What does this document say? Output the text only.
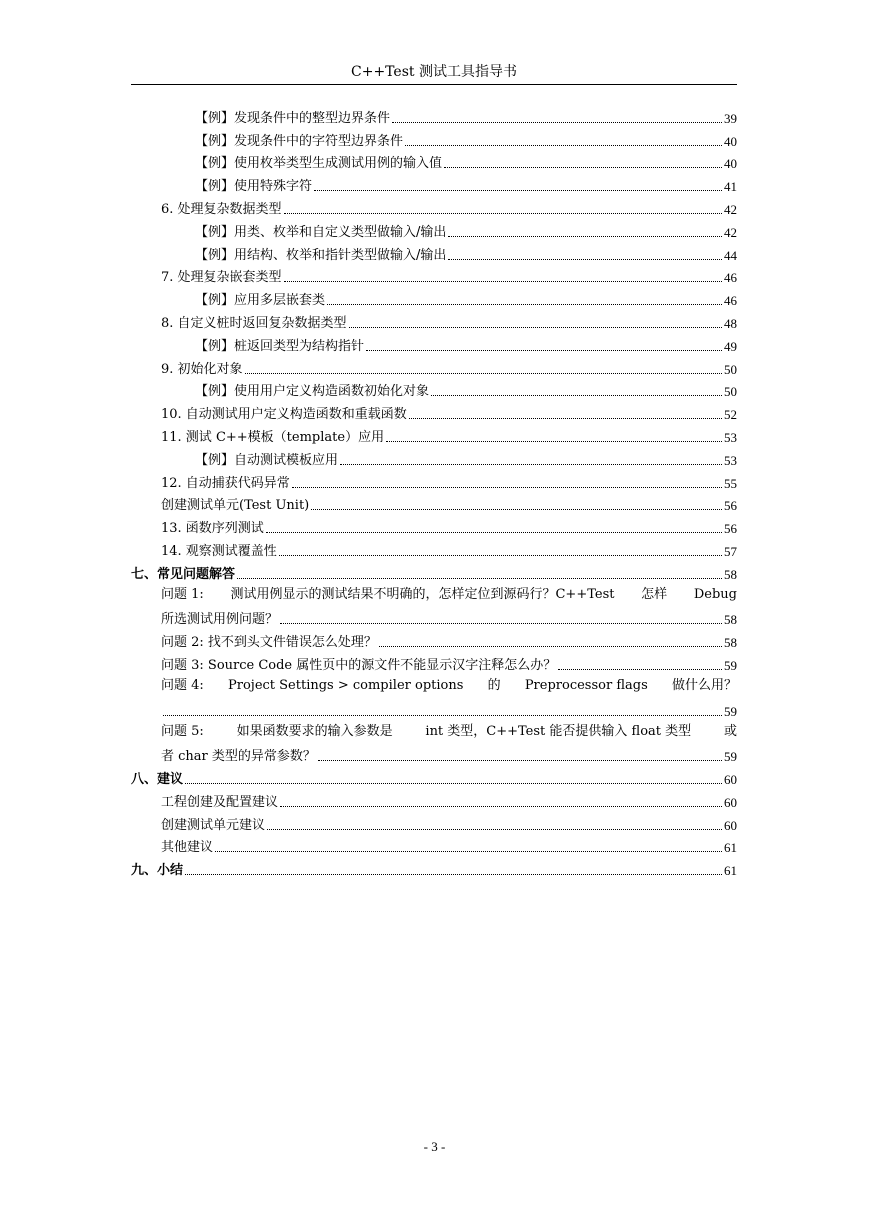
C++Test 测试工具指导书
【例】发现条件中的整型边界条件	39
【例】发现条件中的字符型边界条件	40
【例】使用枚举类型生成测试用例的输入值	40
【例】使用特殊字符	41
6. 处理复杂数据类型	42
【例】用类、枚举和自定义类型做输入/输出	42
【例】用结构、枚举和指针类型做输入/输出	44
7. 处理复杂嵌套类型	46
【例】应用多层嵌套类	46
8. 自定义桩时返回复杂数据类型	48
【例】桩返回类型为结构指针	49
9. 初始化对象	50
【例】使用用户定义构造函数初始化对象	50
10. 自动测试用户定义构造函数和重载函数	52
11. 测试 C++模板（template）应用	53
【例】自动测试模板应用	53
12. 自动捕获代码异常	55
创建测试单元(Test Unit)	56
13. 函数序列测试	56
14. 观察测试覆盖性	57
七、常见问题解答	58
问题 1: 测试用例显示的测试结果不明确的，怎样定位到源码行？C++Test 怎样 Debug
所选测试用例问题？	58
问题 2: 找不到头文件错误怎么处理？	58
问题 3: Source Code 属性页中的源文件不能显示汉字注释怎么办？	59
问题 4: Project Settings > compiler options 的 Preprocessor flags 做什么用？
59
问题 5:	如果函数要求的输入参数是	int 类型，C++Test 能否提供输入 float 类型	或
者 char 类型的异常参数？	59
八、建议	60
工程创建及配置建议	60
创建测试单元建议	60
其他建议	61
九、小结	61
- 3 -
